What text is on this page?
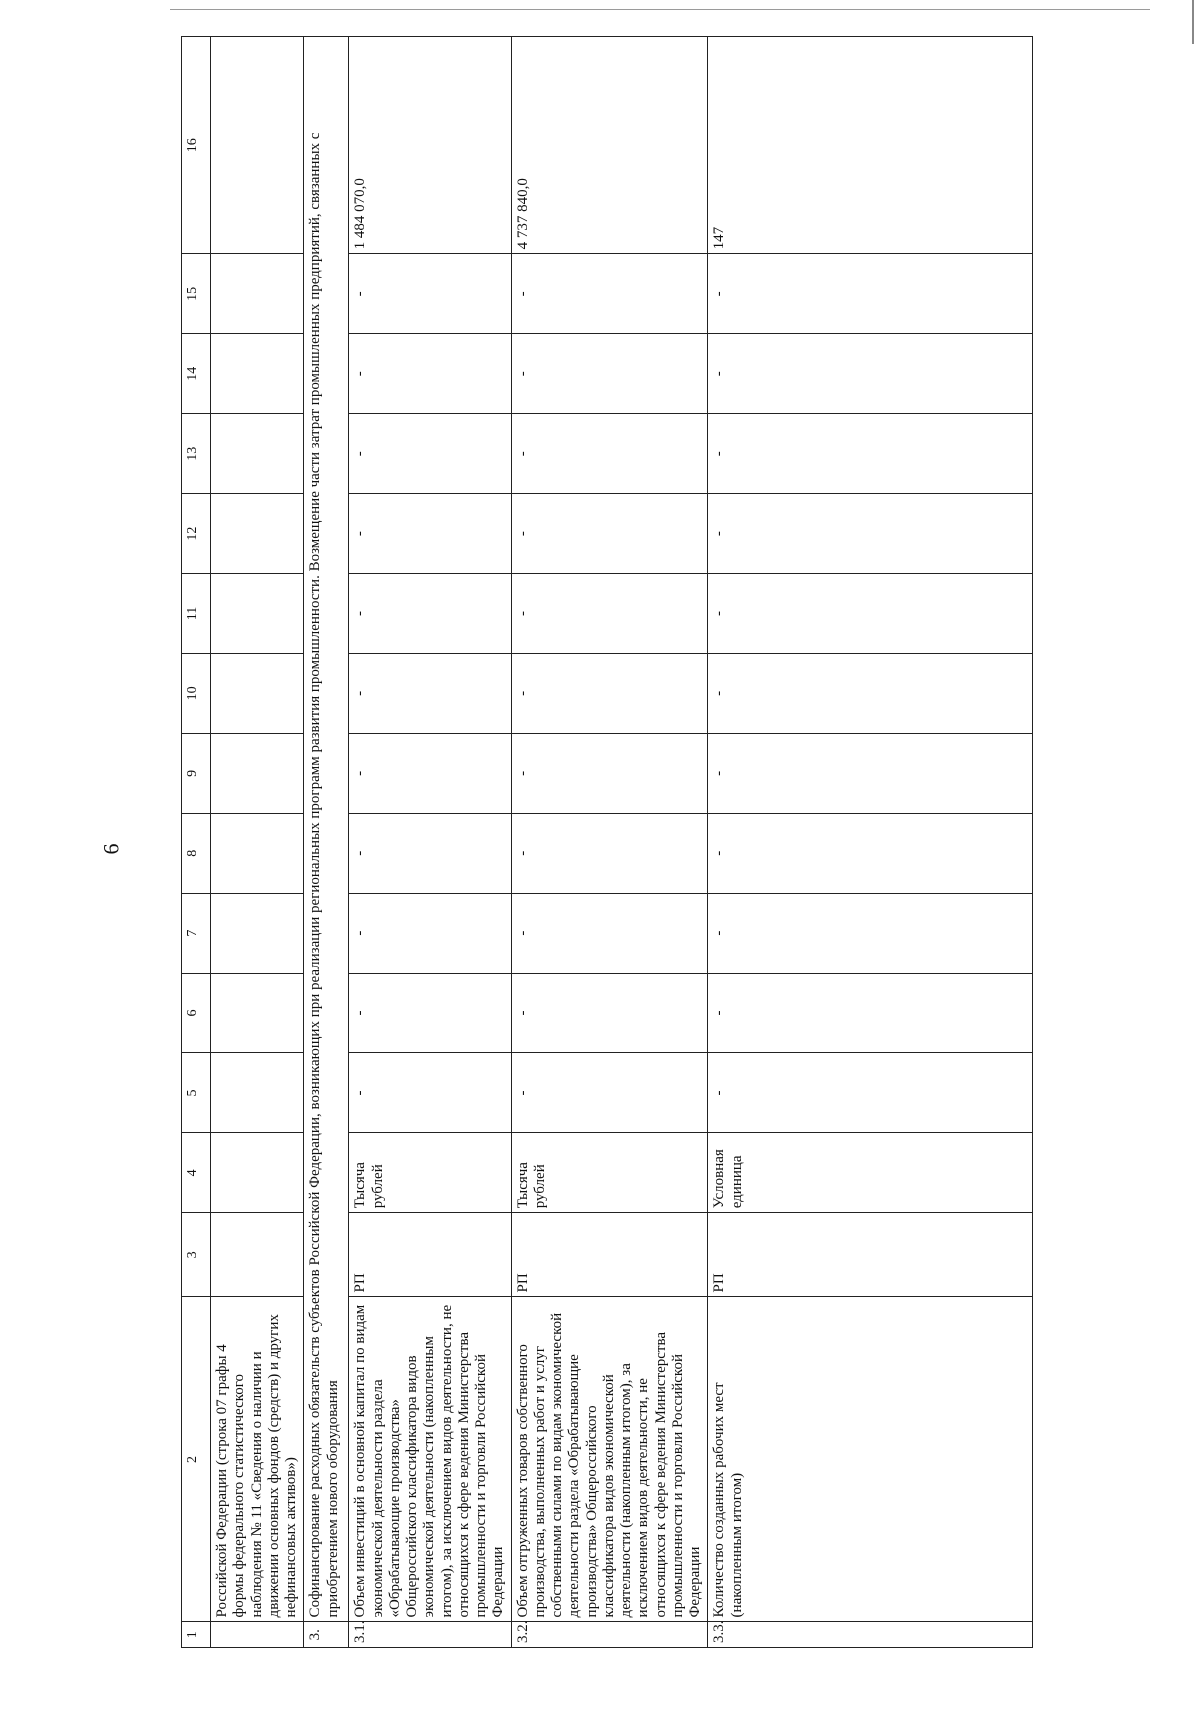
6
1	2	3	4	5	6	7	8	9	10	11	12	13	14	15	16
	Российской Федерации (строка 07 графы 4 формы федерального статистического наблюдения № 11 «Сведения о наличии и движении основных фондов (средств) и других нефинансовых активов»)														
3.	Софинансирование расходных обязательств субъектов Российской Федерации, возникающих при реализации региональных программ развития промышленности. Возмещение части затрат промышленных предприятий, связанных с приобретением нового оборудования														
3.1.	Объем инвестиций в основной капитал по видам экономической деятельности раздела «Обрабатывающие производства» Общероссийского классификатора видов экономической деятельности (накопленным итогом), за исключением видов деятельности, не относящихся к сфере ведения Министерства промышленности и торговли Российской Федерации	РП	Тысяча рублей	-	-	-	-	-	-	-	-	-	-	-	1 484 070,0
3.2.	Объем отгруженных товаров собственного производства, выполненных работ и услуг собственными силами по видам экономической деятельности раздела «Обрабатывающие производства» Общероссийского классификатора видов экономической деятельности (накопленным итогом), за исключением видов деятельности, не относящихся к сфере ведения Министерства промышленности и торговли Российской Федерации	РП	Тысяча рублей	-	-	-	-	-	-	-	-	-	-	-	4 737 840,0
3.3.	Количество созданных рабочих мест (накопленным итогом)	РП	Условная единица	-	-	-	-	-	-	-	-	-	-	-	147
